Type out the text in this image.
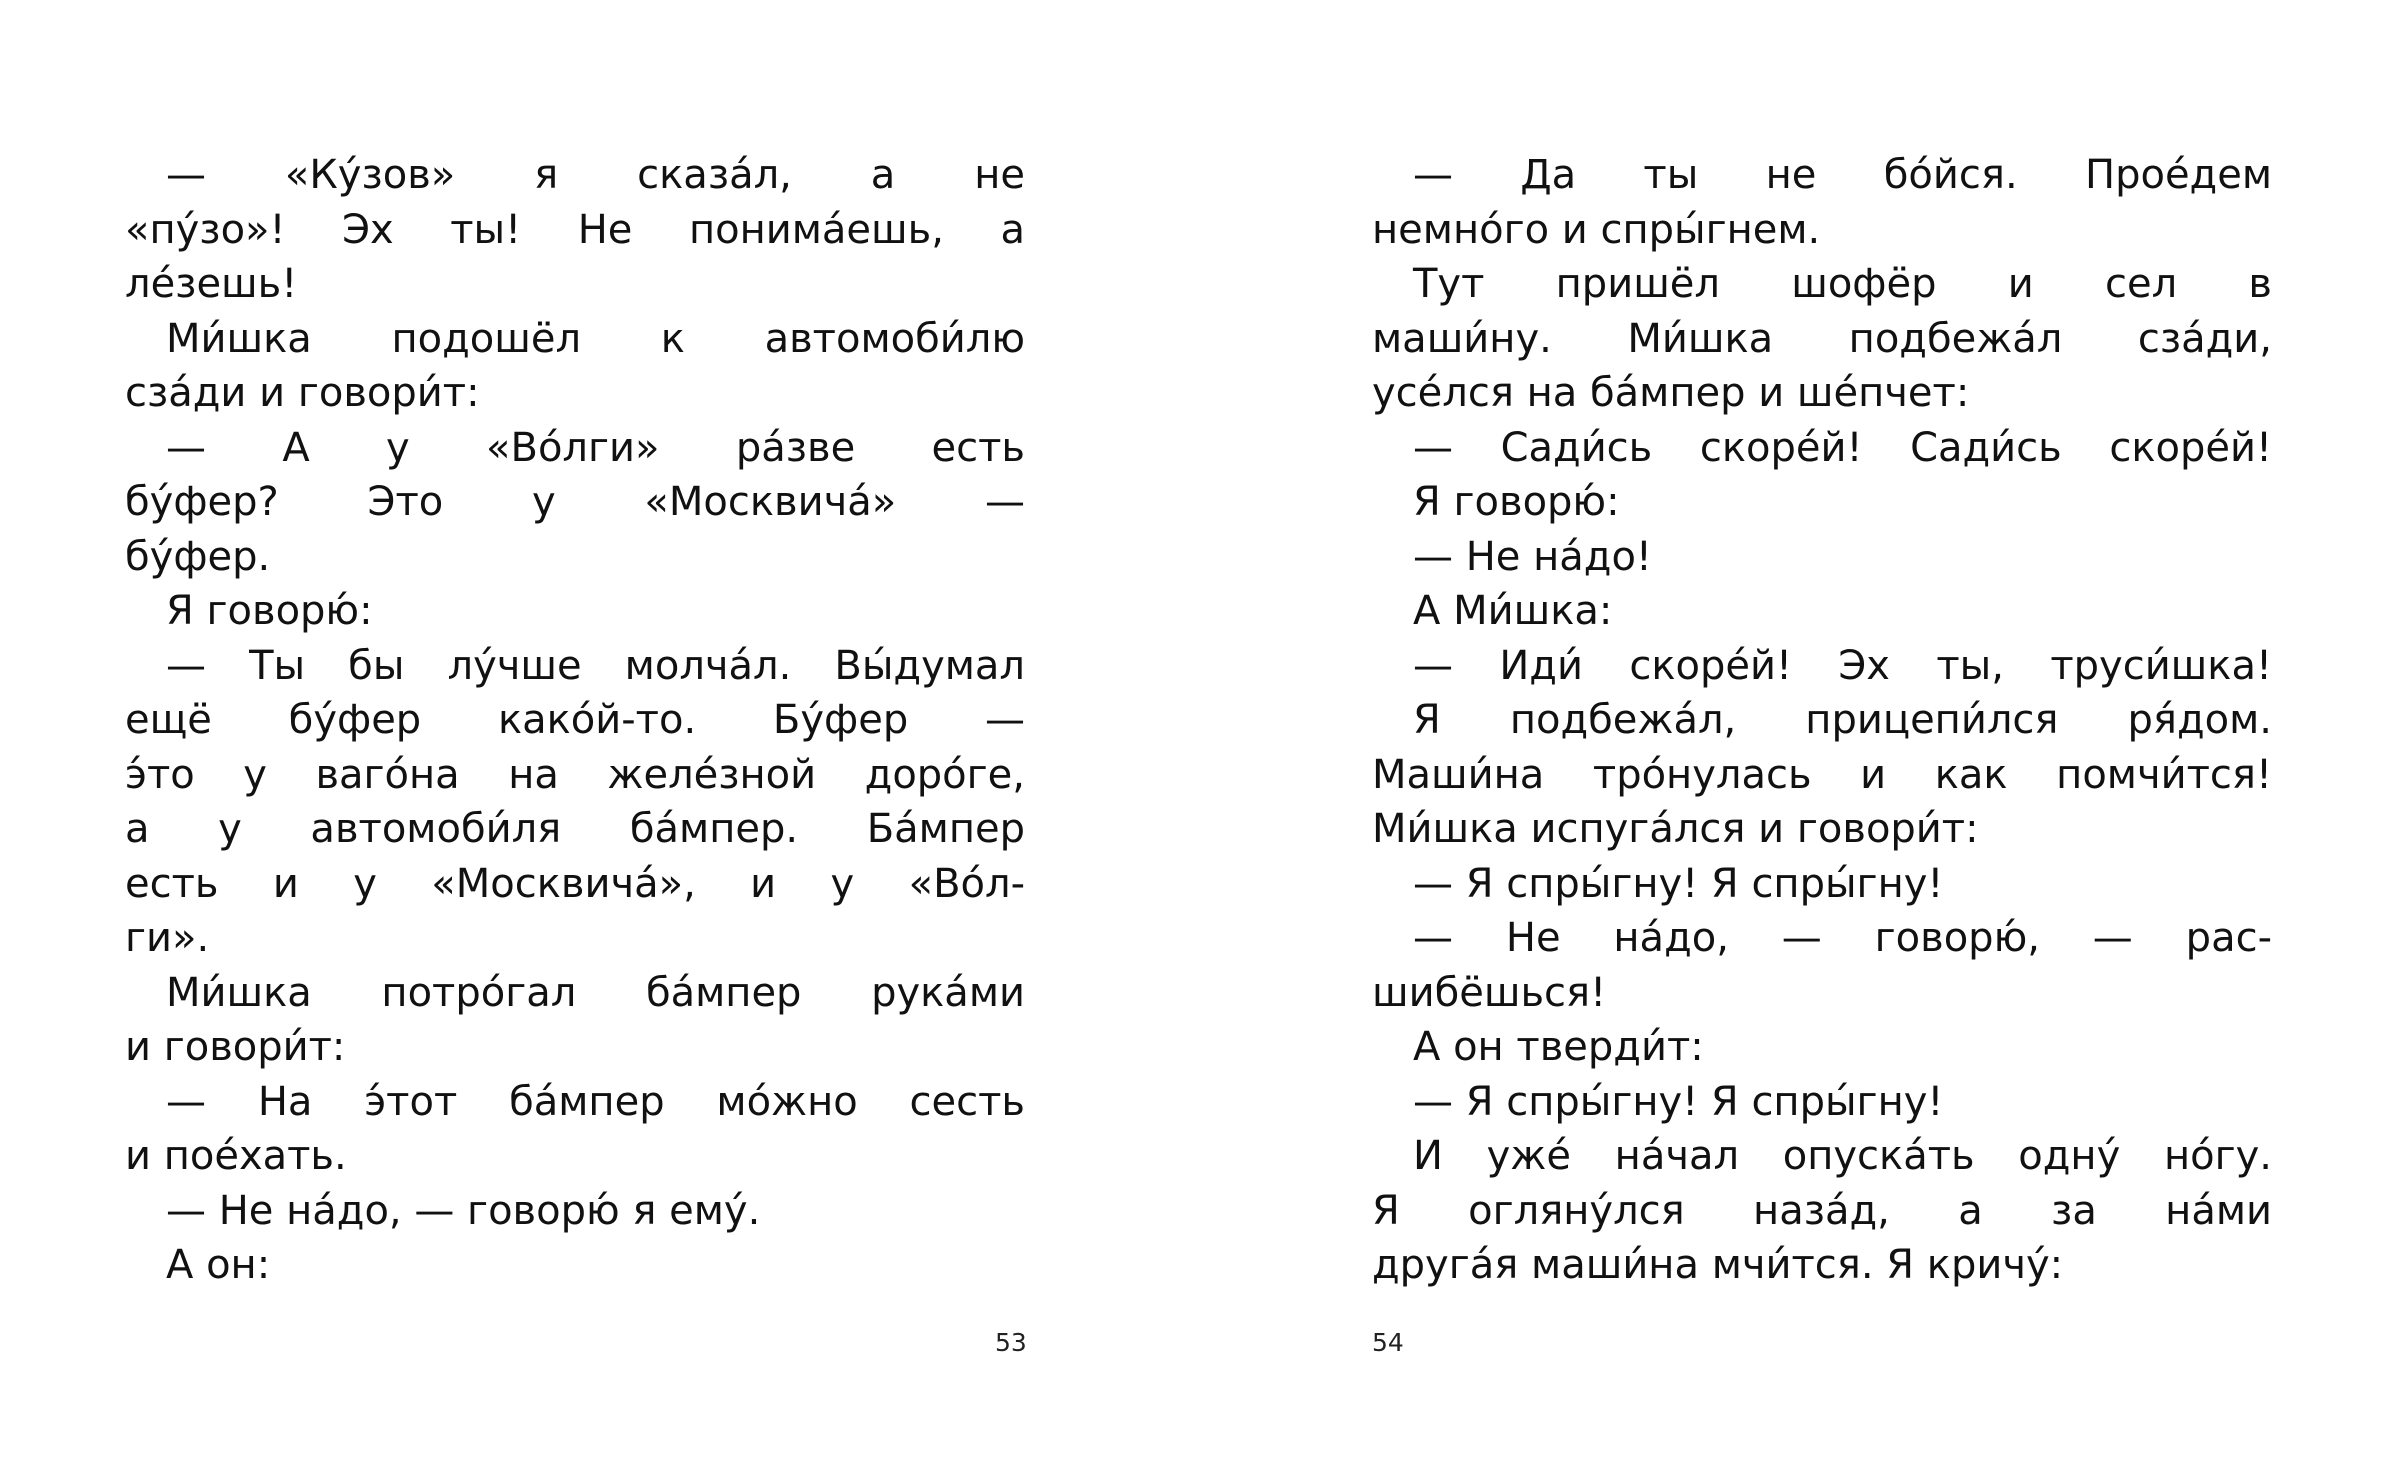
— «Ку́зов» я сказа́л, а не
«пу́зо»! Эх ты! Не понима́ешь, а
ле́зешь!
Ми́шка подошёл к автомоби́лю
сза́ди и говори́т:
— А у «Во́лги» ра́зве есть
бу́фер? Это у «Москвича́» —
бу́фер.
Я говорю́:
— Ты бы лу́чше молча́л. Вы́думал
ещё бу́фер како́й-то. Бу́фер —
э́то у ваго́на на желе́зной доро́ге,
а у автомоби́ля ба́мпер. Ба́мпер
есть и у «Москвича́», и у «Во́л-
ги».
Ми́шка потро́гал ба́мпер рука́ми
и говори́т:
— На э́тот ба́мпер мо́жно сесть
и пое́хать.
— Не на́до, — говорю́ я ему́.
А он:
53
— Да ты не бо́йся. Прое́дем
немно́го и спры́гнем.
Тут пришёл шофёр и сел в
маши́ну. Ми́шка подбежа́л сза́ди,
усе́лся на ба́мпер и ше́пчет:
— Сади́сь скоре́й! Сади́сь скоре́й!
Я говорю́:
— Не на́до!
А Ми́шка:
— Иди́ скоре́й! Эх ты, труси́шка!
Я подбежа́л, прицепи́лся ря́дом.
Маши́на тро́нулась и как помчи́тся!
Ми́шка испуга́лся и говори́т:
— Я спры́гну! Я спры́гну!
— Не на́до, — говорю́, — рас-
шибёшься!
А он тверди́т:
— Я спры́гну! Я спры́гну!
И уже́ на́чал опуска́ть одну́ но́гу.
Я огляну́лся наза́д, а за на́ми
друга́я маши́на мчи́тся. Я кричу́:
54
